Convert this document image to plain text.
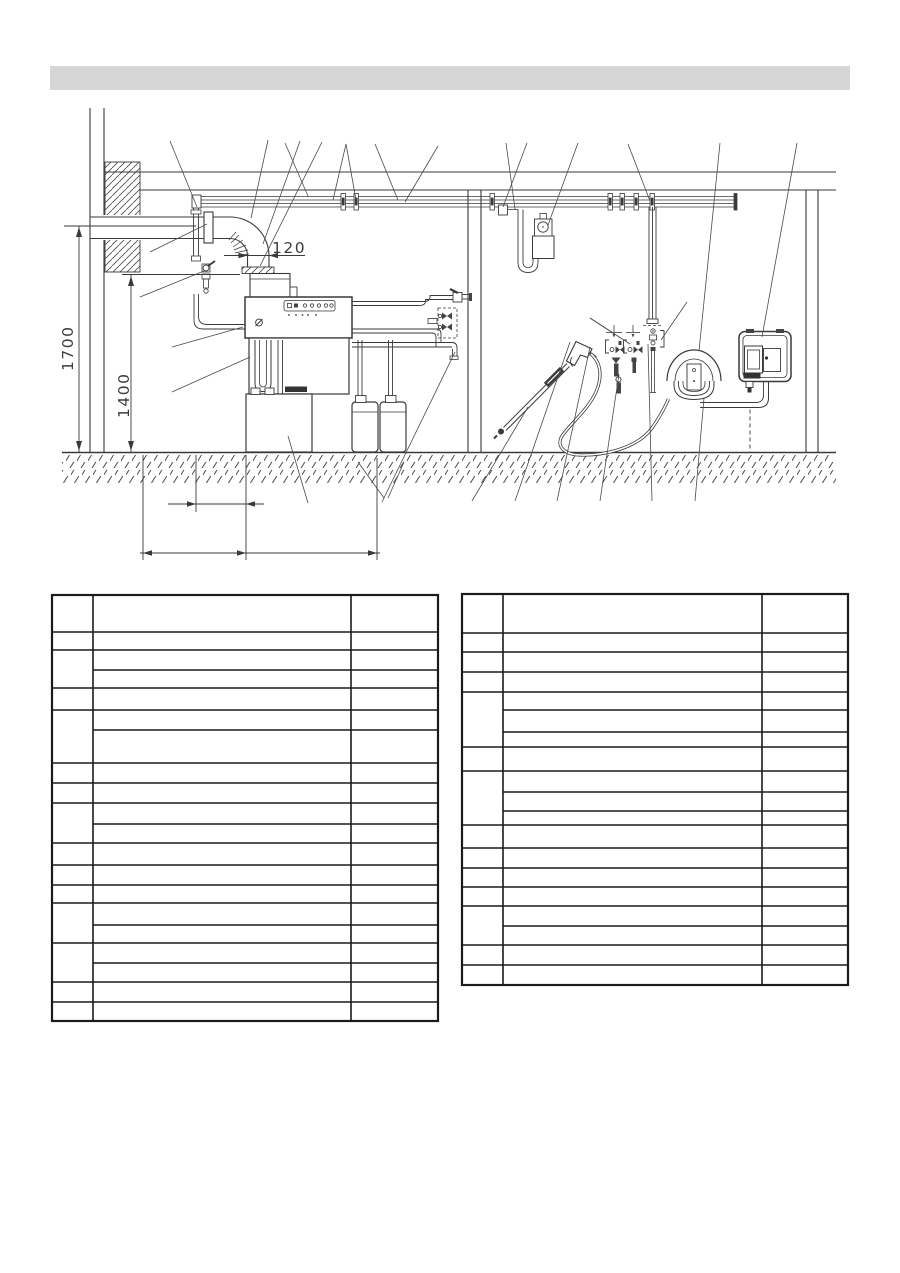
120
1700
1400
